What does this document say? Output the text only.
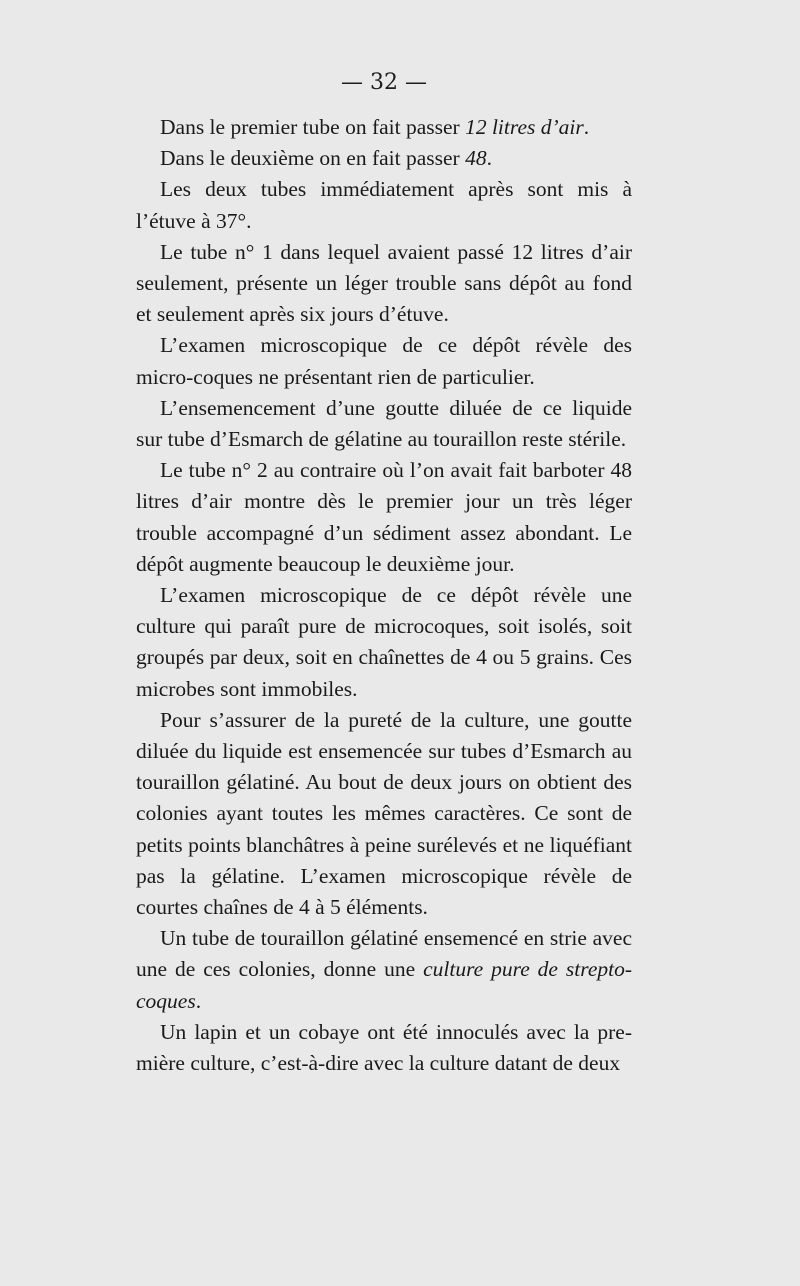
— 32 —

Dans le premier tube on fait passer 12 litres d’air.

Dans le deuxième on en fait passer 48.

Les deux tubes immédiatement après sont mis à l’étuve à 37°.

Le tube n° 1 dans lequel avaient passé 12 litres d’air seulement, présente un léger trouble sans dépôt au fond et seulement après six jours d’étuve.

L’examen microscopique de ce dépôt révèle des micro-coques ne présentant rien de particulier.

L’ensemencement d’une goutte diluée de ce liquide sur tube d’Esmarch de gélatine au touraillon reste stérile.

Le tube n° 2 au contraire où l’on avait fait barboter 48 litres d’air montre dès le premier jour un très léger trouble accompagné d’un sédiment assez abondant. Le dépôt augmente beaucoup le deuxième jour.

L’examen microscopique de ce dépôt révèle une culture qui paraît pure de microcoques, soit isolés, soit groupés par deux, soit en chaînettes de 4 ou 5 grains. Ces microbes sont immobiles.

Pour s’assurer de la pureté de la culture, une goutte diluée du liquide est ensemencée sur tubes d’Esmarch au touraillon gélatiné. Au bout de deux jours on obtient des colonies ayant toutes les mêmes caractères. Ce sont de petits points blanchâtres à peine surélevés et ne liquéfiant pas la gélatine. L’examen microscopique révèle de courtes chaînes de 4 à 5 éléments.

Un tube de touraillon gélatiné ensemencé en strie avec une de ces colonies, donne une culture pure de strepto-coques.

Un lapin et un cobaye ont été innoculés avec la pre-mière culture, c’est-à-dire avec la culture datant de deux
